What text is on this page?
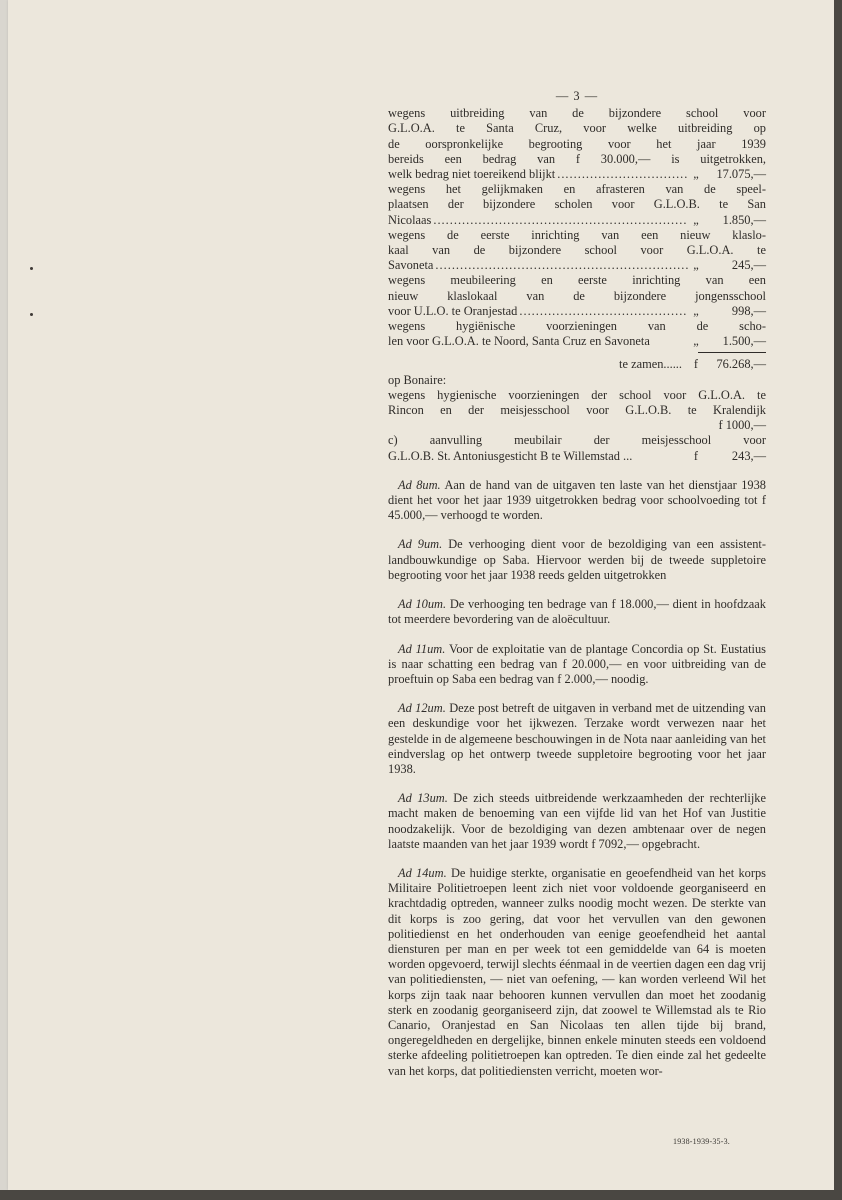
— 3 —
wegens uitbreiding van de bijzondere school voor
G.L.O.A. te Santa Cruz, voor welke uitbreiding op
de oorspronkelijke begrooting voor het jaar 1939
bereids een bedrag van f 30.000,— is uitgetrokken,
welk bedrag niet toereikend blijkt .....	„	17.075,—
wegens het gelijkmaken en afrasteren van de speel-
plaatsen der bijzondere scholen voor G.L.O.B. te San
Nicolaas .....	„	1.850,—
wegens de eerste inrichting van een nieuw klaslo-
kaal van de bijzondere school voor G.L.O.A. te
Savoneta .....	„	245,—
wegens meubileering en eerste inrichting van een
nieuw klaslokaal van de bijzondere jongensschool
voor U.L.O. te Oranjestad .....	„	998,—
wegens hygiënische voorzieningen van de scho-
len voor G.L.O.A. te Noord, Santa Cruz en Savoneta	„	1.500,—
te zamen...... f	76.268,—
op Bonaire:
wegens hygienische voorzieningen der school voor G.L.O.A. te
Rincon en der meisjesschool voor G.L.O.B. te Kralendijk
f 1000,—
c) aanvulling meubilair der meisjesschool voor
G.L.O.B. St. Antoniusgesticht B te Willemstad ...	f	243,—
Ad 8um. Aan de hand van de uitgaven ten laste van het dienstjaar 1938 dient het voor het jaar 1939 uitgetrokken bedrag voor schoolvoeding tot f 45.000,— verhoogd te worden.
Ad 9um. De verhooging dient voor de bezoldiging van een assistent-landbouwkundige op Saba. Hiervoor werden bij de tweede suppletoire begrooting voor het jaar 1938 reeds gelden uitgetrokken
Ad 10um. De verhooging ten bedrage van f 18.000,— dient in hoofdzaak tot meerdere bevordering van de aloëcultuur.
Ad 11um. Voor de exploitatie van de plantage Concordia op St. Eustatius is naar schatting een bedrag van f 20.000,— en voor uitbreiding van de proeftuin op Saba een bedrag van f 2.000,— noodig.
Ad 12um. Deze post betreft de uitgaven in verband met de uitzending van een deskundige voor het ijkwezen. Terzake wordt verwezen naar het gestelde in de algemeene beschouwingen in de Nota naar aanleiding van het eindverslag op het ontwerp tweede suppletoire begrooting voor het jaar 1938.
Ad 13um. De zich steeds uitbreidende werkzaamheden der rechterlijke macht maken de benoeming van een vijfde lid van het Hof van Justitie noodzakelijk. Voor de bezoldiging van dezen ambtenaar over de negen laatste maanden van het jaar 1939 wordt f 7092,— opgebracht.
Ad 14um. De huidige sterkte, organisatie en geoefendheid van het korps Militaire Politietroepen leent zich niet voor voldoende georganiseerd en krachtdadig optreden, wanneer zulks noodig mocht wezen. De sterkte van dit korps is zoo gering, dat voor het vervullen van den gewonen politiedienst en het onderhouden van eenige geoefendheid het aantal diensturen per man en per week tot een gemiddelde van 64 is moeten worden opgevoerd, terwijl slechts éénmaal in de veertien dagen een dag vrij van politiediensten, — niet van oefening, — kan worden verleend Wil het korps zijn taak naar behooren kunnen vervullen dan moet het zoodanig sterk en zoodanig georganiseerd zijn, dat zoowel te Willemstad als te Rio Canario, Oranjestad en San Nicolaas ten allen tijde bij brand, ongeregeldheden en dergelijke, binnen enkele minuten steeds een voldoend sterke afdeeling politietroepen kan optreden. Te dien einde zal het gedeelte van het korps, dat politiediensten verricht, moeten wor-
1938-1939-35-3.
